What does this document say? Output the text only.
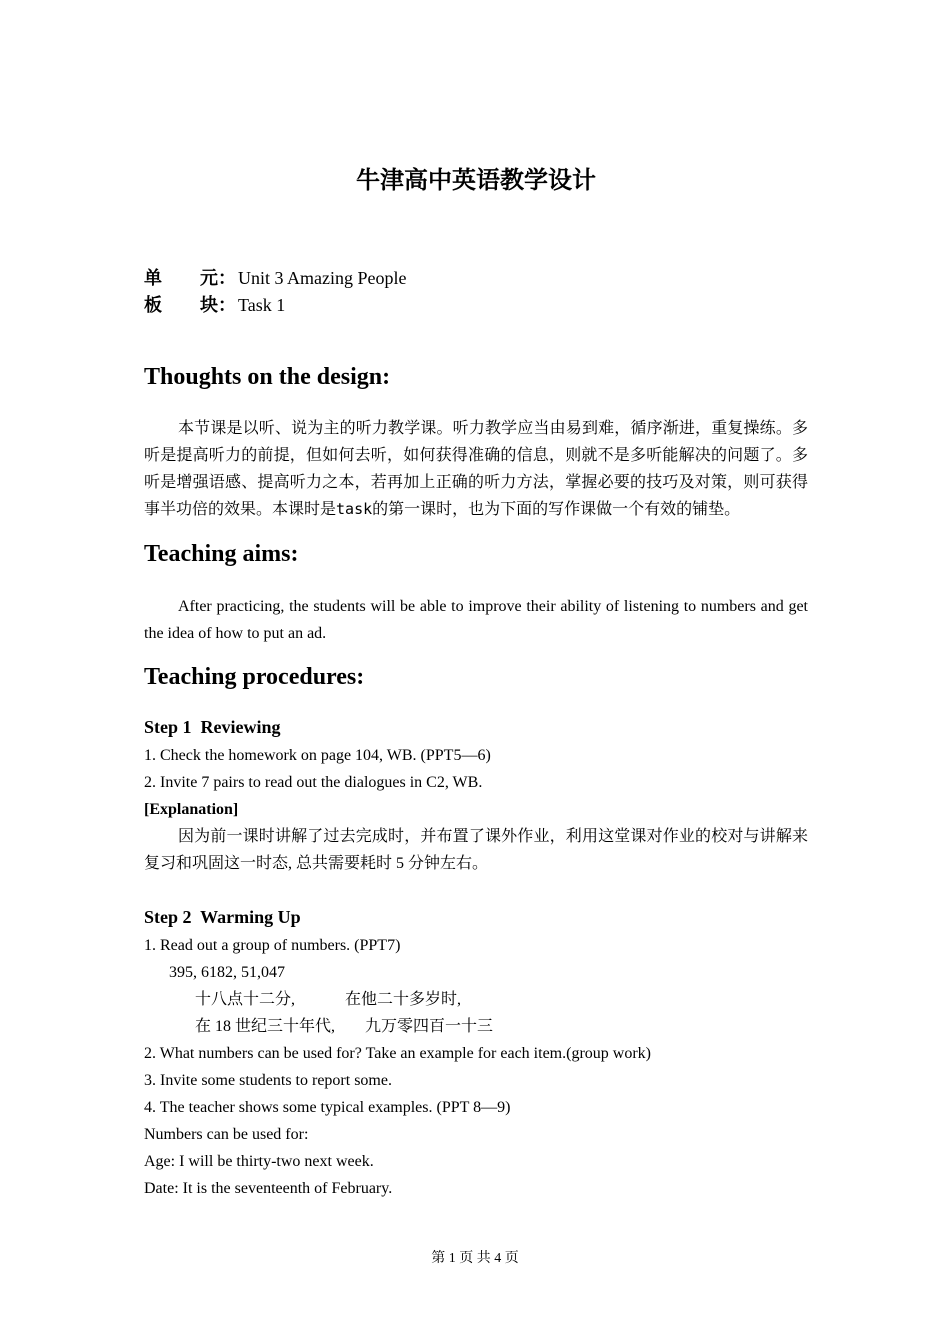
牛津高中英语教学设计
单 元： Unit 3 Amazing People
板 块： Task 1
Thoughts on the design:
本节课是以听、说为主的听力教学课。听力教学应当由易到难，循序渐进，重复操练。多听是提高听力的前提，但如何去听，如何获得准确的信息，则就不是多听能解决的问题了。多听是增强语感、提高听力之本，若再加上正确的听力方法，掌握必要的技巧及对策，则可获得事半功倍的效果。本课时是task的第一课时，也为下面的写作课做一个有效的铺垫。
Teaching aims:
After practicing, the students will be able to improve their ability of listening to numbers and get the idea of how to put an ad.
Teaching procedures:
Step 1  Reviewing
1. Check the homework on page 104, WB. (PPT5—6)
2. Invite 7 pairs to read out the dialogues in C2, WB.
[Explanation]
因为前一课时讲解了过去完成时，并布置了课外作业，利用这堂课对作业的校对与讲解来复习和巩固这一时态, 总共需要耗时 5 分钟左右。
Step 2  Warming Up
1. Read out a group of numbers. (PPT7)
395, 6182, 51,047
十八点十二分,	在他二十多岁时,
在 18 世纪三十年代, 九万零四百一十三
2. What numbers can be used for? Take an example for each item.(group work)
3. Invite some students to report some.
4. The teacher shows some typical examples. (PPT 8—9)
Numbers can be used for:
Age: I will be thirty-two next week.
Date: It is the seventeenth of February.
第 1 页 共 4 页
